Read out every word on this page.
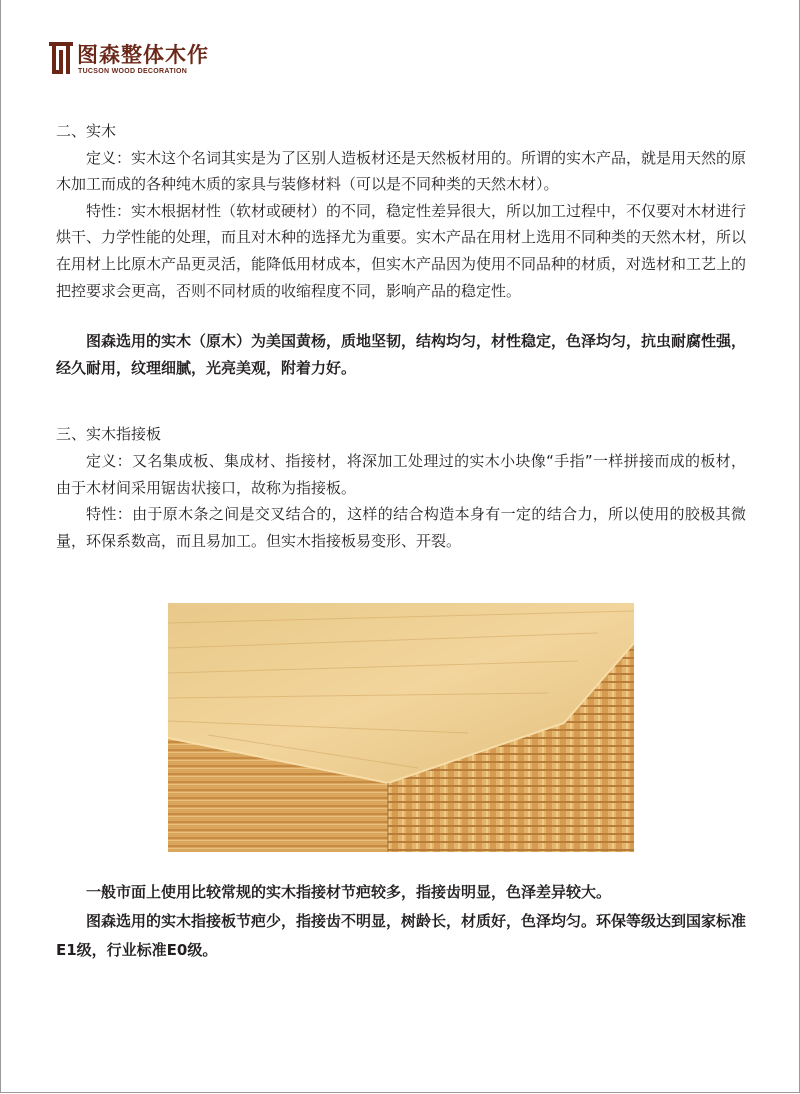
图森整体木作
TUCSON WOOD DECORATION

二、实木

定义：实木这个名词其实是为了区别人造板材还是天然板材用的。所谓的实木产品，就是用天然的原木加工而成的各种纯木质的家具与装修材料（可以是不同种类的天然木材）。

特性：实木根据材性（软材或硬材）的不同，稳定性差异很大，所以加工过程中，不仅要对木材进行烘干、力学性能的处理，而且对木种的选择尤为重要。实木产品在用材上选用不同种类的天然木材，所以在用材上比原木产品更灵活，能降低用材成本，但实木产品因为使用不同品种的材质，对选材和工艺上的把控要求会更高，否则不同材质的收缩程度不同，影响产品的稳定性。

图森选用的实木（原木）为美国黄杨，质地坚韧，结构均匀，材性稳定，色泽均匀，抗虫耐腐性强，经久耐用，纹理细腻，光亮美观，附着力好。

三、实木指接板

定义：又名集成板、集成材、指接材，将深加工处理过的实木小块像“手指”一样拼接而成的板材，由于木材间采用锯齿状接口，故称为指接板。

特性：由于原木条之间是交叉结合的，这样的结合构造本身有一定的结合力，所以使用的胶极其微量，环保系数高，而且易加工。但实木指接板易变形、开裂。

一般市面上使用比较常规的实木指接材节疤较多，指接齿明显，色泽差异较大。

图森选用的实木指接板节疤少，指接齿不明显，树龄长，材质好，色泽均匀。环保等级达到国家标准E1级，行业标准E0级。
